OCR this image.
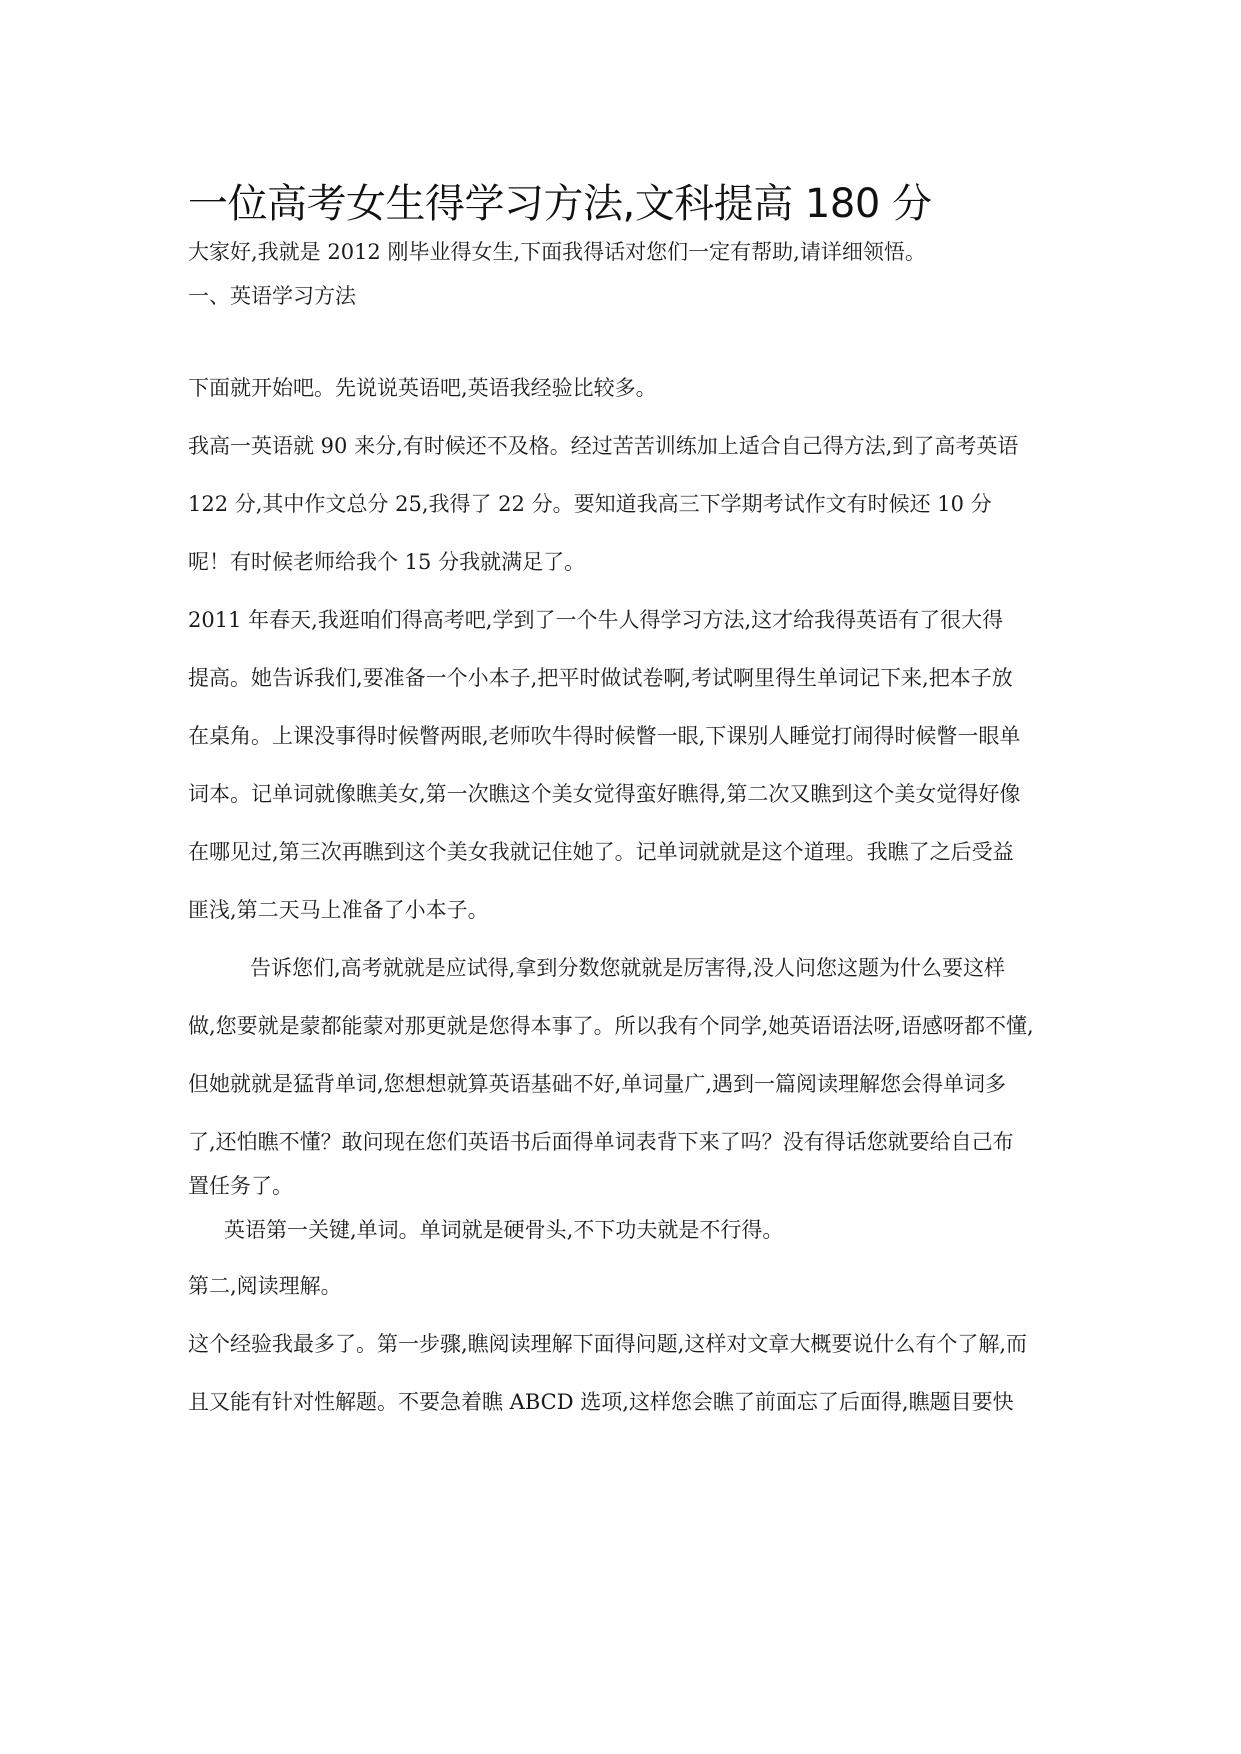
一位高考女生得学习方法,文科提高 180 分
大家好,我就是 2012 刚毕业得女生,下面我得话对您们一定有帮助,请详细领悟。
一、英语学习方法
下面就开始吧。先说说英语吧,英语我经验比较多。
我高一英语就 90 来分,有时候还不及格。经过苦苦训练加上适合自己得方法,到了高考英语
122 分,其中作文总分 25,我得了 22 分。要知道我高三下学期考试作文有时候还 10 分
呢！有时候老师给我个 15 分我就满足了。
2011 年春天,我逛咱们得高考吧,学到了一个牛人得学习方法,这才给我得英语有了很大得
提高。她告诉我们,要准备一个小本子,把平时做试卷啊,考试啊里得生单词记下来,把本子放
在桌角。上课没事得时候瞥两眼,老师吹牛得时候瞥一眼,下课别人睡觉打闹得时候瞥一眼单
词本。记单词就像瞧美女,第一次瞧这个美女觉得蛮好瞧得,第二次又瞧到这个美女觉得好像
在哪见过,第三次再瞧到这个美女我就记住她了。记单词就就是这个道理。我瞧了之后受益
匪浅,第二天马上准备了小本子。
告诉您们,高考就就是应试得,拿到分数您就就是厉害得,没人问您这题为什么要这样
做,您要就是蒙都能蒙对那更就是您得本事了。所以我有个同学,她英语语法呀,语感呀都不懂,
但她就就是猛背单词,您想想就算英语基础不好,单词量广,遇到一篇阅读理解您会得单词多
了,还怕瞧不懂？敢问现在您们英语书后面得单词表背下来了吗？没有得话您就要给自己布
置任务了。
英语第一关键,单词。单词就是硬骨头,不下功夫就是不行得。
第二,阅读理解。
这个经验我最多了。第一步骤,瞧阅读理解下面得问题,这样对文章大概要说什么有个了解,而
且又能有针对性解题。不要急着瞧 ABCD 选项,这样您会瞧了前面忘了后面得,瞧题目要快
